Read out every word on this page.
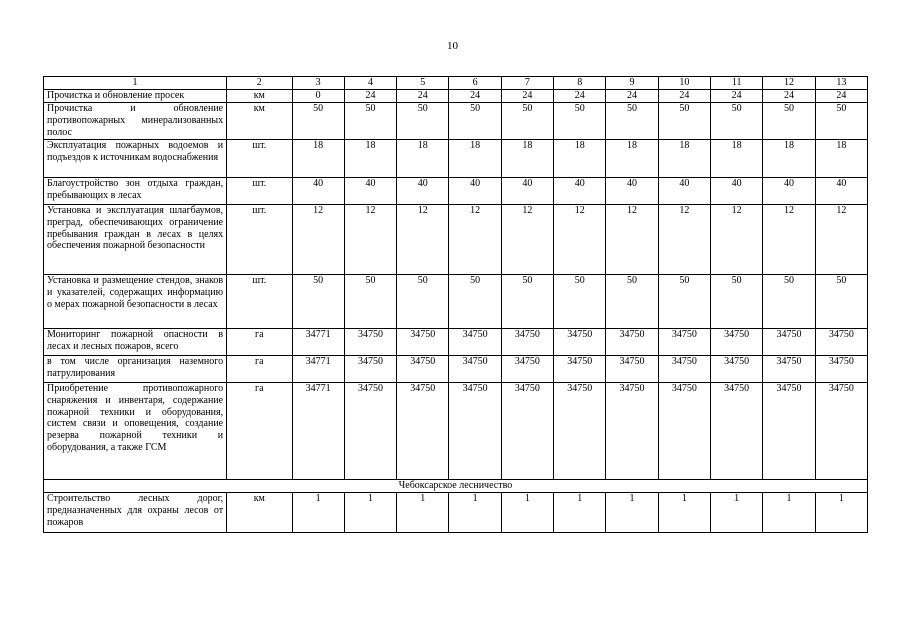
10
1	2	3	4	5	6	7	8	9	10	11	12	13
Прочистка и обновление просек	км	0	24	24	24	24	24	24	24	24	24	24
Прочистка и обновление противопожарных минерализованных полос	км	50	50	50	50	50	50	50	50	50	50	50
Эксплуатация пожарных водоемов и подъездов к источникам водоснабжения	шт.	18	18	18	18	18	18	18	18	18	18	18
Благоустройство зон отдыха граждан, пребывающих в лесах	шт.	40	40	40	40	40	40	40	40	40	40	40
Установка и эксплуатация шлагбаумов, преград, обеспечивающих ограничение пребывания граждан в лесах в целях обеспечения пожарной безопасности	шт.	12	12	12	12	12	12	12	12	12	12	12
Установка и размещение стендов, знаков и указателей, содержащих информацию о мерах пожарной безопасности в лесах	шт.	50	50	50	50	50	50	50	50	50	50	50
Мониторинг пожарной опасности в лесах и лесных пожаров, всего	га	34771	34750	34750	34750	34750	34750	34750	34750	34750	34750	34750
в том числе организация наземного патрулирования	га	34771	34750	34750	34750	34750	34750	34750	34750	34750	34750	34750
Приобретение противопожарного снаряжения и инвентаря, содержание пожарной техники и оборудования, систем связи и оповещения, создание резерва пожарной техники и оборудования, а также ГСМ	га	34771	34750	34750	34750	34750	34750	34750	34750	34750	34750	34750
Чебоксарское лесничество												
Строительство лесных дорог, предназначенных для охраны лесов от пожаров	км	1	1	1	1	1	1	1	1	1	1	1
